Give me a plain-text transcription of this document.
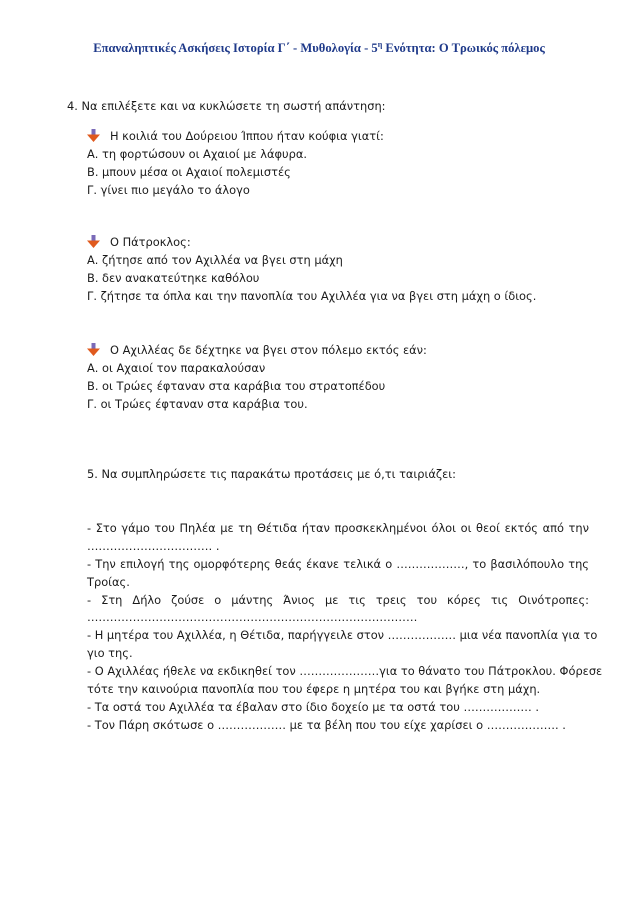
Επαναληπτικές Ασκήσεις Ιστορία Γ΄ - Μυθολογία - $5^\eta$ Ενότητα: Ο Τρωικός πόλεμος
4. Να επιλέξετε και να κυκλώσετε τη σωστή απάντηση:
Η κοιλιά του Δούρειου Ίππου ήταν κούφια γιατί:
Α. τη φορτώσουν οι Αχαιοί με λάφυρα.
Β. μπουν μέσα οι Αχαιοί πολεμιστές
Γ. γίνει πιο μεγάλο το άλογο
Ο Πάτροκλος:
Α. ζήτησε από τον Αχιλλέα να βγει στη μάχη
Β. δεν ανακατεύτηκε καθόλου
Γ. ζήτησε τα όπλα και την πανοπλία του Αχιλλέα για να βγει στη μάχη ο ίδιος.
Ο Αχιλλέας δε δέχτηκε να βγει στον πόλεμο εκτός εάν:
Α. οι Αχαιοί τον παρακαλούσαν
Β. οι Τρώες έφταναν στα καράβια του στρατοπέδου
Γ. οι Τρώες έφταναν στα καράβια του.
5. Να συμπληρώσετε τις παρακάτω προτάσεις με ό,τι ταιριάζει:
- Στο γάμο του Πηλέα με τη Θέτιδα ήταν προσκεκλημένοι όλοι οι θεοί εκτός από την
…………………………… .
- Την επιλογή της ομορφότερης θεάς έκανε τελικά ο ………………, το βασιλόπουλο της
Τροίας.
- Στη Δήλο ζούσε ο μάντης Άνιος με τις τρεις του κόρες τις Οινότροπες:
……………………………………………………………………………
- Η μητέρα του Αχιλλέα, η Θέτιδα, παρήγγειλε στον ……………… μια νέα πανοπλία για το
γιο της.
- Ο Αχιλλέας ήθελε να εκδικηθεί τον …………………για το θάνατο του Πάτροκλου. Φόρεσε
τότε την καινούρια πανοπλία που του έφερε η μητέρα του και βγήκε στη μάχη.
- Τα οστά του Αχιλλέα τα έβαλαν στο ίδιο δοχείο με τα οστά του ……………… .
- Τον Πάρη σκότωσε ο ……………… με τα βέλη που του είχε χαρίσει ο ………………. .
